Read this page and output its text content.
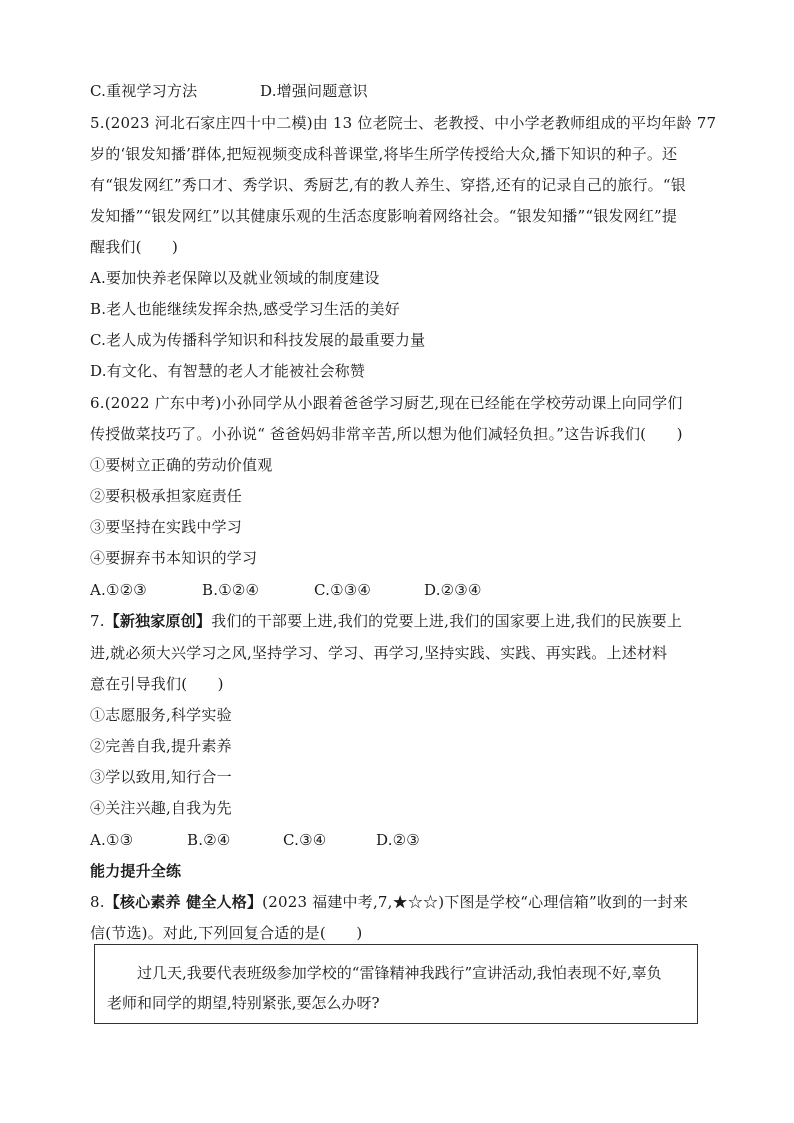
C.重视学习方法	D.增强问题意识
5.(2023 河北石家庄四十中二模)由 13 位老院士、老教授、中小学老教师组成的平均年龄 77
岁的‘银发知播’群体,把短视频变成科普课堂,将毕生所学传授给大众,播下知识的种子。还
有“银发网红”秀口才、秀学识、秀厨艺,有的教人养生、穿搭,还有的记录自己的旅行。“银
发知播”“银发网红”以其健康乐观的生活态度影响着网络社会。“银发知播”“银发网红”提
醒我们(　　)
A.要加快养老保障以及就业领域的制度建设
B.老人也能继续发挥余热,感受学习生活的美好
C.老人成为传播科学知识和科技发展的最重要力量
D.有文化、有智慧的老人才能被社会称赞
6.(2022 广东中考)小孙同学从小跟着爸爸学习厨艺,现在已经能在学校劳动课上向同学们
传授做菜技巧了。小孙说“ 爸爸妈妈非常辛苦,所以想为他们减轻负担。”这告诉我们(　　)
①要树立正确的劳动价值观
②要积极承担家庭责任
③要坚持在实践中学习
④要摒弃书本知识的学习
A.①②③	B.①②④	C.①③④	D.②③④
7.【新独家原创】我们的干部要上进,我们的党要上进,我们的国家要上进,我们的民族要上
进,就必须大兴学习之风,坚持学习、学习、再学习,坚持实践、实践、再实践。上述材料
意在引导我们(　　)
①志愿服务,科学实验
②完善自我,提升素养
③学以致用,知行合一
④关注兴趣,自我为先
A.①③	B.②④	C.③④	D.②③
能力提升全练
8.【核心素养 健全人格】(2023 福建中考,7,★☆☆)下图是学校“心理信箱”收到的一封来
信(节选)。对此,下列回复合适的是(　　)
　　过几天,我要代表班级参加学校的“雷锋精神我践行”宣讲活动,我怕表现不好,辜负
老师和同学的期望,特别紧张,要怎么办呀?
